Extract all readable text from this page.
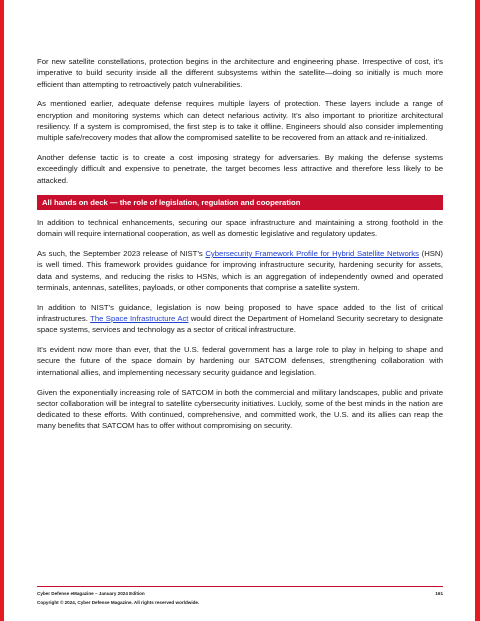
For new satellite constellations, protection begins in the architecture and engineering phase. Irrespective of cost, it’s imperative to build security inside all the different subsystems within the satellite—doing so initially is much more efficient than attempting to retroactively patch vulnerabilities.

As mentioned earlier, adequate defense requires multiple layers of protection. These layers include a range of encryption and monitoring systems which can detect nefarious activity. It’s also important to prioritize architectural resiliency. If a system is compromised, the first step is to take it offline. Engineers should also consider implementing multiple safe/recovery modes that allow the compromised satellite to be recovered from an attack and re-initialized.

Another defense tactic is to create a cost imposing strategy for adversaries. By making the defense systems exceedingly difficult and expensive to penetrate, the target becomes less attractive and therefore less likely to be attacked.

All hands on deck — the role of legislation, regulation and cooperation

In addition to technical enhancements, securing our space infrastructure and maintaining a strong foothold in the domain will require international cooperation, as well as domestic legislative and regulatory updates.

As such, the September 2023 release of NIST’s Cybersecurity Framework Profile for Hybrid Satellite Networks (HSN) is well timed. This framework provides guidance for improving infrastructure security, hardening security for assets, data and systems, and reducing the risks to HSNs, which is an aggregation of independently owned and operated terminals, antennas, satellites, payloads, or other components that comprise a satellite system.

In addition to NIST’s guidance, legislation is now being proposed to have space added to the list of critical infrastructures. The Space Infrastructure Act would direct the Department of Homeland Security secretary to designate space systems, services and technology as a sector of critical infrastructure.

It's evident now more than ever, that the U.S. federal government has a large role to play in helping to shape and secure the future of the space domain by hardening our SATCOM defenses, strengthening collaboration with international allies, and implementing necessary security guidance and legislation.

Given the exponentially increasing role of SATCOM in both the commercial and military landscapes, public and private sector collaboration will be integral to satellite cybersecurity initiatives. Luckily, some of the best minds in the nation are dedicated to these efforts. With continued, comprehensive, and committed work, the U.S. and its allies can reap the many benefits that SATCOM has to offer without compromising on security.

Cyber Defense eMagazine – January 2024 Edition	161
Copyright © 2024, Cyber Defense Magazine. All rights reserved worldwide.
